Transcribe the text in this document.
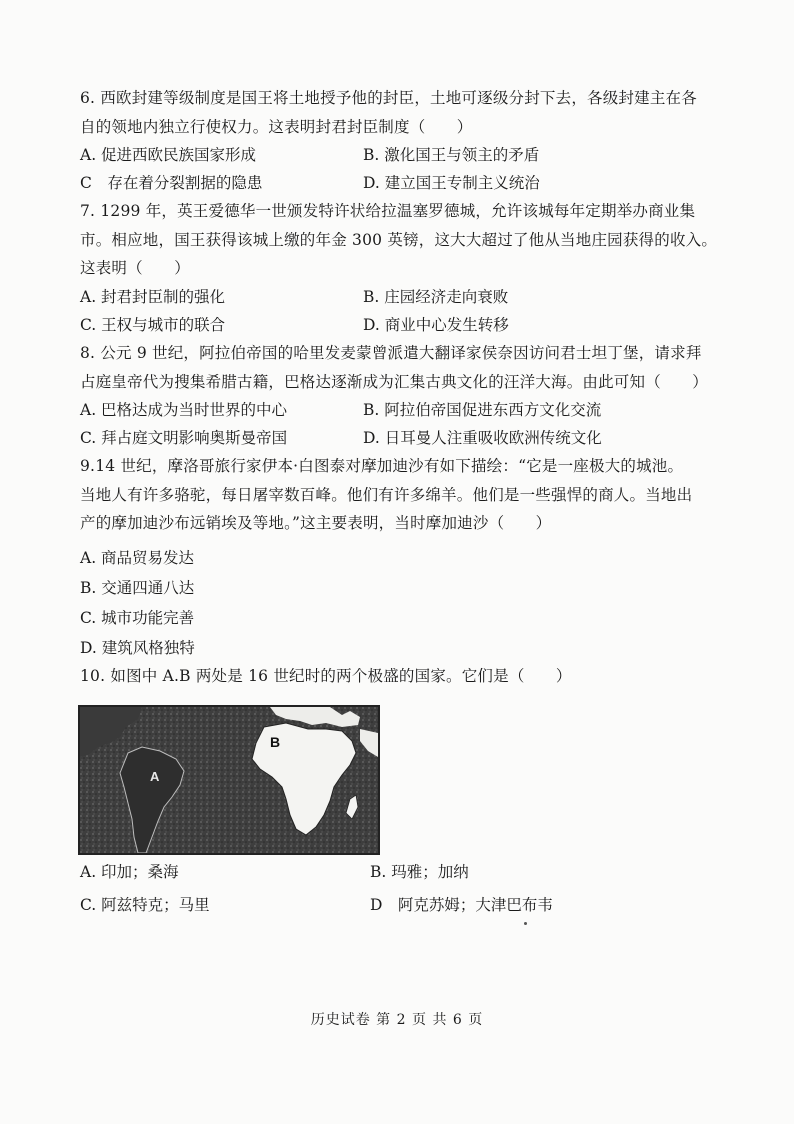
6. 西欧封建等级制度是国王将土地授予他的封臣，土地可逐级分封下去，各级封建主在各
自的领地内独立行使权力。这表明封君封臣制度（　　）
A. 促进西欧民族国家形成	B. 激化国王与领主的矛盾
C　存在着分裂割据的隐患	D. 建立国王专制主义统治
7. 1299 年，英王爱德华一世颁发特许状给拉温塞罗德城，允许该城每年定期举办商业集
市。相应地，国王获得该城上缴的年金 300 英镑，这大大超过了他从当地庄园获得的收入。
这表明（　　）
A. 封君封臣制的强化	B. 庄园经济走向衰败
C. 王权与城市的联合	D. 商业中心发生转移
8. 公元 9 世纪，阿拉伯帝国的哈里发麦蒙曾派遣大翻译家侯奈因访问君士坦丁堡，请求拜
占庭皇帝代为搜集希腊古籍，巴格达逐渐成为汇集古典文化的汪洋大海。由此可知（　　）
A. 巴格达成为当时世界的中心	B. 阿拉伯帝国促进东西方文化交流
C. 拜占庭文明影响奥斯曼帝国	D. 日耳曼人注重吸收欧洲传统文化
9.14 世纪，摩洛哥旅行家伊本·白图泰对摩加迪沙有如下描绘：“它是一座极大的城池。
当地人有许多骆驼，每日屠宰数百峰。他们有许多绵羊。他们是一些强悍的商人。当地出
产的摩加迪沙布远销埃及等地。”这主要表明，当时摩加迪沙（　　）
A. 商品贸易发达
B. 交通四通八达
C. 城市功能完善
D. 建筑风格独特
10. 如图中 A.B 两处是 16 世纪时的两个极盛的国家。它们是（　　）
B
A
A. 印加；桑海	B. 玛雅；加纳
C. 阿兹特克；马里	D　阿克苏姆；大津巴布韦
历史试卷 第 2 页 共 6 页
